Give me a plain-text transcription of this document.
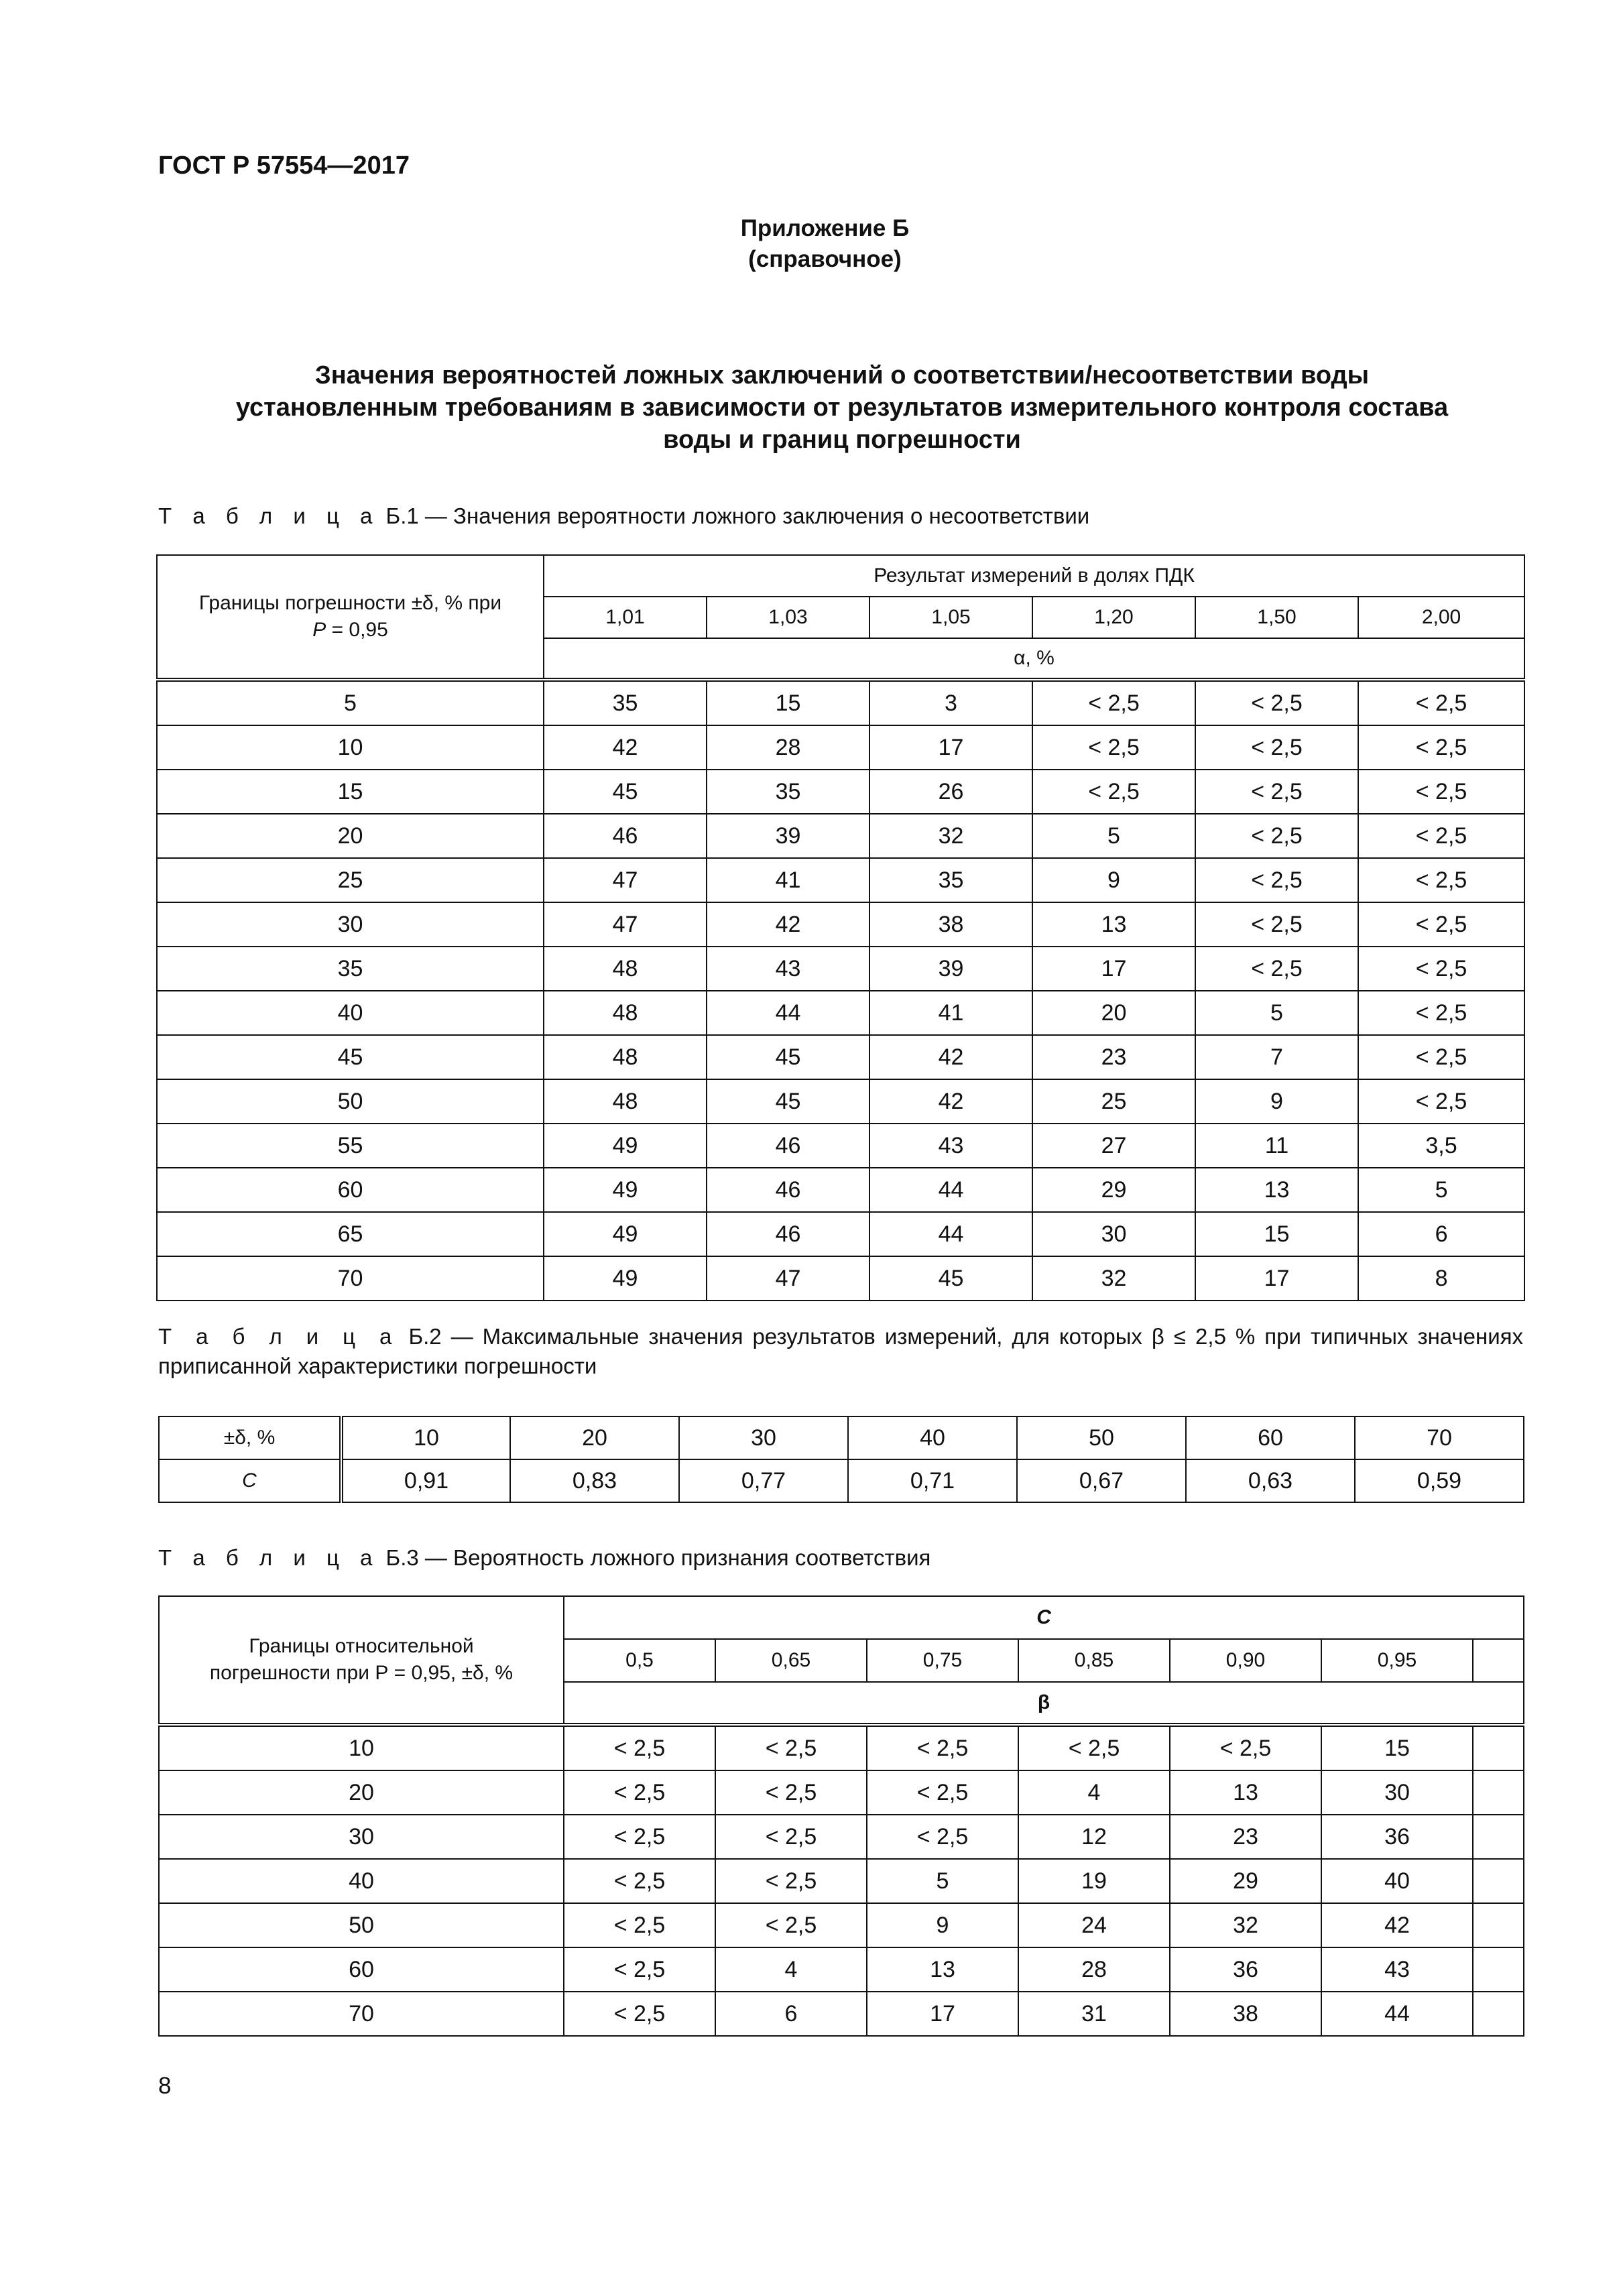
ГОСТ Р 57554—2017
Приложение Б
(справочное)
Значения вероятностей ложных заключений о соответствии/несоответствии воды
установленным требованиям в зависимости от результатов измерительного контроля состава
воды и границ погрешности
Т а б л и ц а Б.1 — Значения вероятности ложного заключения о несоответствии
Границы погрешности ±δ, % при
P = 0,95	Результат измерений в долях ПДК					
	1,01	1,03	1,05	1,20	1,50	2,00
	α, %					
5	35	15	3	< 2,5	< 2,5	< 2,5
10	42	28	17	< 2,5	< 2,5	< 2,5
15	45	35	26	< 2,5	< 2,5	< 2,5
20	46	39	32	5	< 2,5	< 2,5
25	47	41	35	9	< 2,5	< 2,5
30	47	42	38	13	< 2,5	< 2,5
35	48	43	39	17	< 2,5	< 2,5
40	48	44	41	20	5	< 2,5
45	48	45	42	23	7	< 2,5
50	48	45	42	25	9	< 2,5
55	49	46	43	27	11	3,5
60	49	46	44	29	13	5
65	49	46	44	30	15	6
70	49	47	45	32	17	8
Т а б л и ц а Б.2 — Максимальные значения результатов измерений, для которых β ≤ 2,5 % при типичных значениях приписанной характеристики погрешности
±δ, %	10	20	30	40	50	60	70
C	0,91	0,83	0,77	0,71	0,67	0,63	0,59
Т а б л и ц а Б.3 — Вероятность ложного признания соответствия
Границы относительной
погрешности при Р = 0,95, ±δ, %	C						
	0,5	0,65	0,75	0,85	0,90	0,95	
	β						
10	< 2,5	< 2,5	< 2,5	< 2,5	< 2,5	15	
20	< 2,5	< 2,5	< 2,5	4	13	30	
30	< 2,5	< 2,5	< 2,5	12	23	36	
40	< 2,5	< 2,5	5	19	29	40	
50	< 2,5	< 2,5	9	24	32	42	
60	< 2,5	4	13	28	36	43	
70	< 2,5	6	17	31	38	44	
8
